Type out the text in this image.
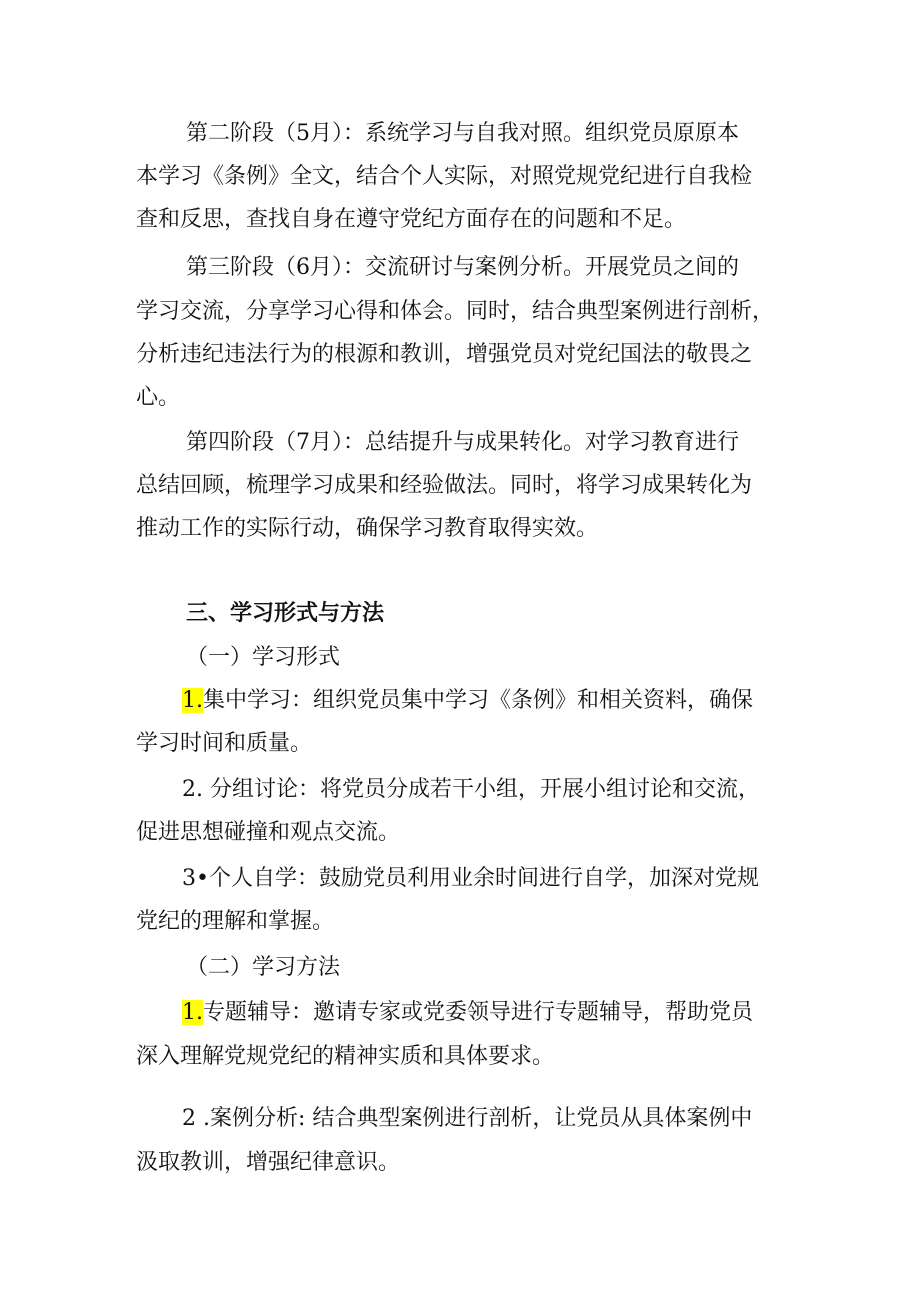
第二阶段（5月）：系统学习与自我对照。组织党员原原本
本学习《条例》全文，结合个人实际，对照党规党纪进行自我检
查和反思，查找自身在遵守党纪方面存在的问题和不足。
第三阶段（6月）：交流研讨与案例分析。开展党员之间的
学习交流，分享学习心得和体会。同时，结合典型案例进行剖析，
分析违纪违法行为的根源和教训，增强党员对党纪国法的敬畏之
心。
第四阶段（7月）：总结提升与成果转化。对学习教育进行
总结回顾，梳理学习成果和经验做法。同时，将学习成果转化为
推动工作的实际行动，确保学习教育取得实效。
三、学习形式与方法
（一）学习形式
1.集中学习：组织党员集中学习《条例》和相关资料，确保
学习时间和质量。
2. 分组讨论：将党员分成若干小组，开展小组讨论和交流，
促进思想碰撞和观点交流。
3•个人自学：鼓励党员利用业余时间进行自学，加深对党规
党纪的理解和掌握。
（二）学习方法
1.专题辅导：邀请专家或党委领导进行专题辅导，帮助党员
深入理解党规党纪的精神实质和具体要求。
2 .案例分析: 结合典型案例进行剖析，让党员从具体案例中
汲取教训，增强纪律意识。
